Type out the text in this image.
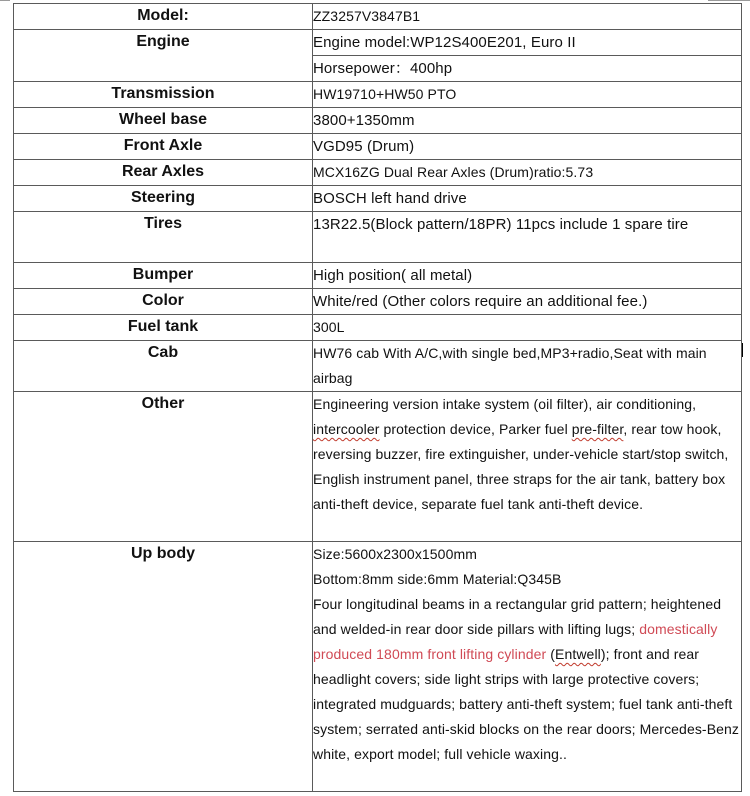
Model:	ZZ3257V3847B1
Engine	Engine model:WP12S400E201, Euro II
	Horsepower：400hp
Transmission	HW19710+HW50 PTO
Wheel base	3800+1350mm
Front Axle	VGD95 (Drum)
Rear Axles	MCX16ZG Dual Rear Axles (Drum)ratio:5.73
Steering	BOSCH left hand drive
Tires	13R22.5(Block pattern/18PR) 11pcs include 1 spare tire
Bumper	High position( all metal)
Color	White/red (Other colors require an additional fee.)
Fuel tank	300L
Cab	HW76 cab With A/C,with single bed,MP3+radio,Seat with main airbag
Other	Engineering version intake system (oil filter), air conditioning, intercooler protection device, Parker fuel pre-filter, rear tow hook, reversing buzzer, fire extinguisher, under-vehicle start/stop switch, English instrument panel, three straps for the air tank, battery box anti-theft device, separate fuel tank anti-theft device.
Up body	Size:5600x2300x1500mm
Bottom:8mm side:6mm Material:Q345B
Four longitudinal beams in a rectangular grid pattern; heightened and welded-in rear door side pillars with lifting lugs; domestically produced 180mm front lifting cylinder (Entwell); front and rear headlight covers; side light strips with large protective covers; integrated mudguards; battery anti-theft system; fuel tank anti-theft system; serrated anti-skid blocks on the rear doors; Mercedes-Benz white, export model; full vehicle waxing..
